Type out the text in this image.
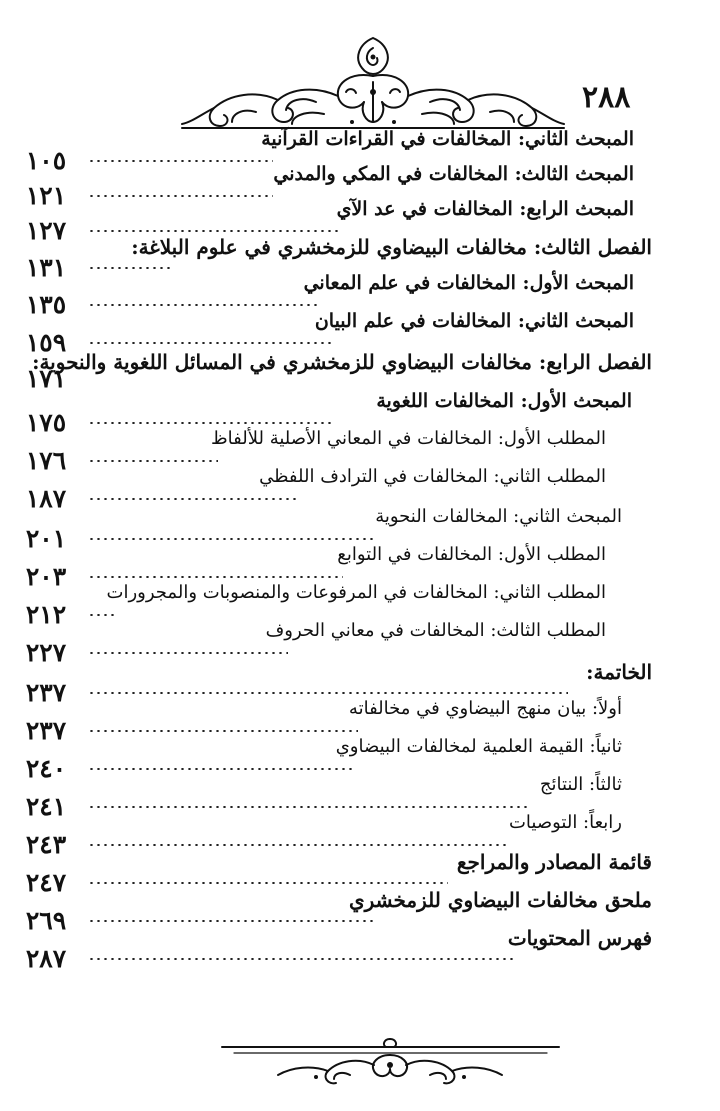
٢٨٨
المبحث الثاني: المخالفات في القراءات القرآنية
١٠٥	المبحث الثالث: المخالفات في المكي والمدني
١٢١	المبحث الرابع: المخالفات في عد الآي
١٢٧
الفصل الثالث: مخالفات البيضاوي للزمخشري في علوم البلاغة:
١٣١
المبحث الأول: المخالفات في علم المعاني
١٣٥
المبحث الثاني: المخالفات في علم البيان
١٥٩
الفصل الرابع: مخالفات البيضاوي للزمخشري في المسائل اللغوية والنحوية:
١٧١
المبحث الأول: المخالفات اللغوية
١٧٥
المطلب الأول: المخالفات في المعاني الأصلية للألفاظ
١٧٦
المطلب الثاني: المخالفات في الترادف اللفظي
١٨٧
المبحث الثاني: المخالفات النحوية
٢٠١
المطلب الأول: المخالفات في التوابع
٢٠٣
المطلب الثاني: المخالفات في المرفوعات والمنصوبات والمجرورات
٢١٢
المطلب الثالث: المخالفات في معاني الحروف
٢٢٧
الخاتمة:
٢٣٧
أولاً: بيان منهج البيضاوي في مخالفاته
٢٣٧
ثانياً: القيمة العلمية لمخالفات البيضاوي
٢٤٠
ثالثاً: النتائج
٢٤١
رابعاً: التوصيات
٢٤٣
قائمة المصادر والمراجع
٢٤٧
ملحق مخالفات البيضاوي للزمخشري
٢٦٩
فهرس المحتويات
٢٨٧
